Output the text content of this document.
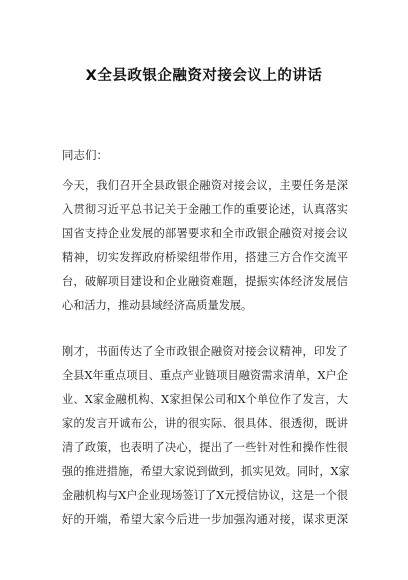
X全县政银企融资对接会议上的讲话
同志们：
今天，我们召开全县政银企融资对接会议，主要任务是深
入贯彻习近平总书记关于金融工作的重要论述，认真落实
国省支持企业发展的部署要求和全市政银企融资对接会议
精神，切实发挥政府桥梁纽带作用，搭建三方合作交流平
台，破解项目建设和企业融资难题，提振实体经济发展信
心和活力，推动县域经济高质量发展。
刚才，书面传达了全市政银企融资对接会议精神，印发了
全县X年重点项目、重点产业链项目融资需求清单，X户企
业、X家金融机构、X家担保公司和X个单位作了发言，大
家的发言开诚布公，讲的很实际、很具体、很透彻，既讲
清了政策，也表明了决心，提出了一些针对性和操作性很
强的推进措施，希望大家说到做到，抓实见效。同时，X家
金融机构与X户企业现场签订了X元授信协议，这是一个很
好的开端，希望大家今后进一步加强沟通对接，谋求更深
